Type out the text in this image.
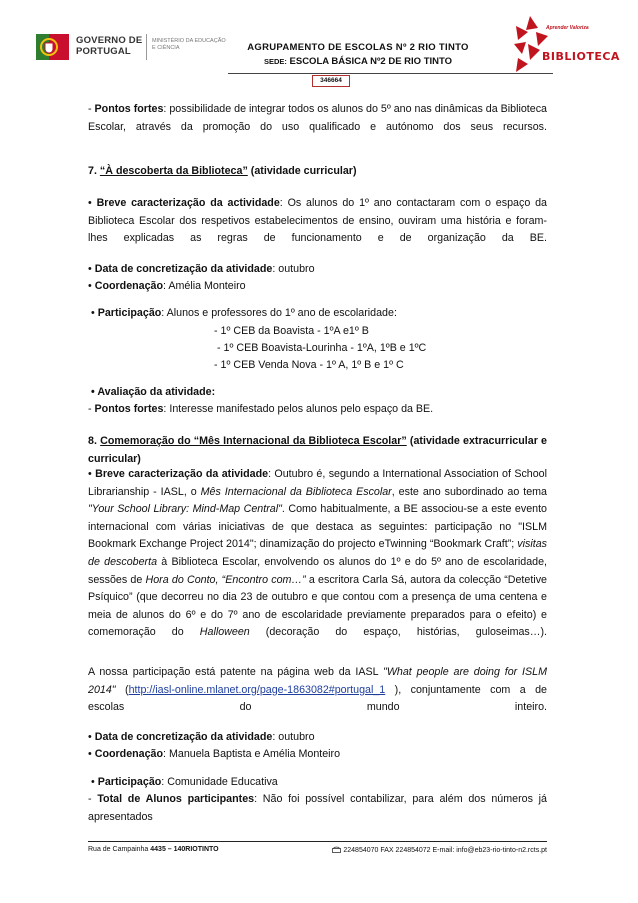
GOVERNO DE
PORTUGAL
MINISTÉRIO DA EDUCAÇÃO
E CIÊNCIA	AGRUPAMENTO DE ESCOLAS Nº 2 RIO TINTO
SEDE: ESCOLA BÁSICA Nº2 DE RIO TINTO
346664
Aprender Valoriza
BIBLIOTECA

- Pontos fortes: possibilidade de integrar todos os alunos do 5º ano nas dinâmicas da Biblioteca Escolar, através da promoção do uso qualificado e autónomo dos seus recursos.

7. “À descoberta da Biblioteca” (atividade curricular)

• Breve caracterização da actividade: Os alunos do 1º ano contactaram com o espaço da Biblioteca Escolar dos respetivos estabelecimentos de ensino, ouviram uma história e foram-lhes explicadas as regras de funcionamento e de organização da BE.

• Data de concretização da atividade: outubro

• Coordenação: Amélia Monteiro

• Participação: Alunos e professores do 1º ano de escolaridade:

- 1º CEB da Boavista - 1ºA e1º B

- 1º CEB Boavista-Lourinha - 1ºA, 1ºB e 1ºC

- 1º CEB Venda Nova - 1º A, 1º B e 1º C

• Avaliação da atividade:

- Pontos fortes: Interesse manifestado pelos alunos pelo espaço da BE.

8. Comemoração do “Mês Internacional da Biblioteca Escolar” (atividade extracurricular e curricular)

• Breve caracterização da atividade: Outubro é, segundo a International Association of School Librarianship - IASL, o Mês Internacional da Biblioteca Escolar, este ano subordinado ao tema "Your School Library: Mind-Map Central". Como habitualmente, a BE associou-se a este evento internacional com várias iniciativas de que destaca as seguintes: participação no "ISLM Bookmark Exchange Project 2014"; dinamização do projecto eTwinning “Bookmark Craft”; visitas de descoberta à Biblioteca Escolar, envolvendo os alunos do 1º e do 5º ano de escolaridade, sessões de Hora do Conto, “Encontro com…” a escritora Carla Sá, autora da colecção “Detetive Psíquico” (que decorreu no dia 23 de outubro e que contou com a presença de uma centena e meia de alunos do 6º e do 7º ano de escolaridade previamente preparados para o efeito) e comemoração do Halloween (decoração do espaço, histórias, guloseimas…).

A nossa participação está patente na página web da IASL "What people are doing for ISLM 2014" (http://iasl-online.mlanet.org/page-1863082#portugal_1 ), conjuntamente com a de escolas do mundo inteiro.

• Data de concretização da atividade: outubro

• Coordenação: Manuela Baptista e Amélia Monteiro

• Participação: Comunidade Educativa

- Total de Alunos participantes: Não foi possível contabilizar, para além dos números já apresentados

Rua de Campainha 4435 – 140RIOTINTO	224854070 FAX 224854072 E-mail: info@eb23-rio-tinto-n2.rcts.pt
